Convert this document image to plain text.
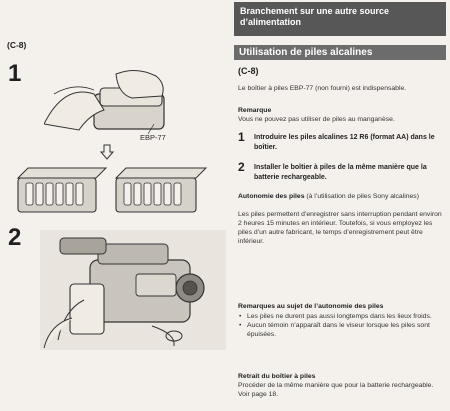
(C-8)
1
EBP-77
2
Branchement sur une autre source d’alimentation
Utilisation de piles alcalines
(C-8)

Le boîtier à piles EBP-77 (non fourni) est indispensable.

Remarque

Vous ne pouvez pas utiliser de piles au manganèse.

1 Introduire les piles alcalines 12 R6 (format AA) dans le boîtier.

2 Installer le boîtier à piles de la même manière que la batterie rechargeable.

Autonomie des piles (à l’utilisation de piles Sony alcalines)

Les piles permettent d’enregistrer sans interruption pendant environ 2 heures 15 minutes en intérieur. Toutefois, si vous employez les piles d’un autre fabricant, le temps d’enregistrement peut être inférieur.

Remarques au sujet de l’autonomie des piles

• Les piles ne durent pas aussi longtemps dans les lieux froids.
• Aucun témoin n’apparaît dans le viseur lorsque les piles sont épuisées.

Retrait du boîtier à piles

Procéder de la même manière que pour la batterie rechargeable. Voir page 18.
